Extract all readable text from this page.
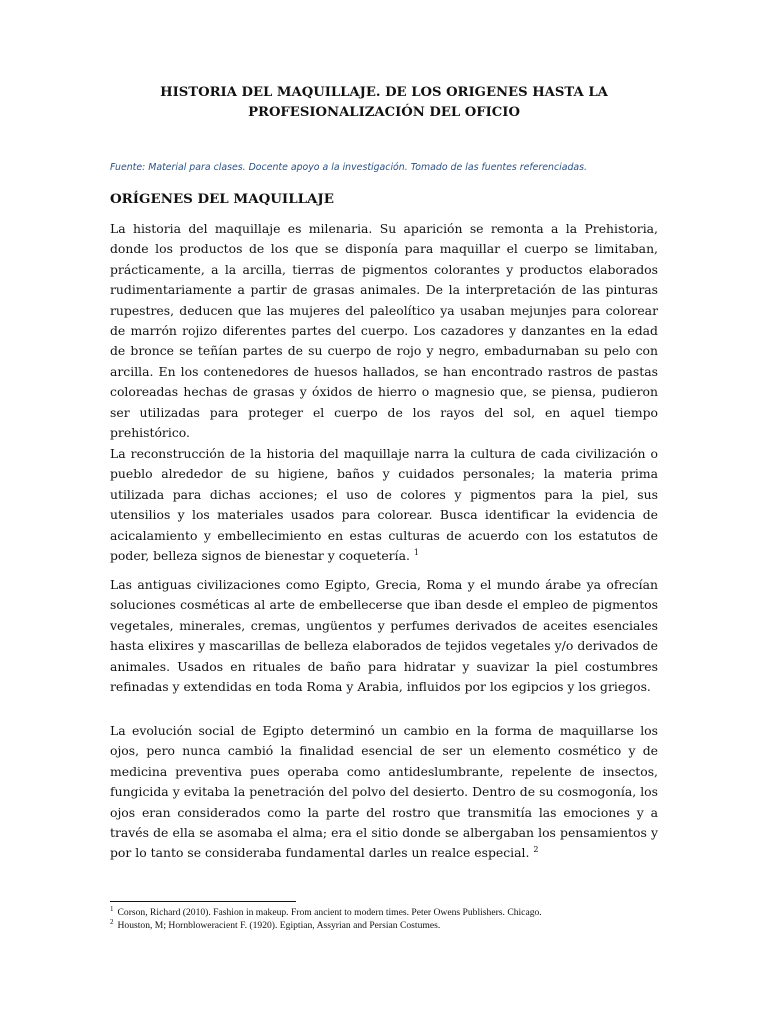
HISTORIA DEL MAQUILLAJE. DE LOS ORIGENES HASTA LA
PROFESIONALIZACIÓN DEL OFICIO

Fuente: Material para clases. Docente apoyo a la investigación. Tomado de las fuentes referenciadas.

ORÍGENES DEL MAQUILLAJE

La historia del maquillaje es milenaria. Su aparición se remonta a la Prehistoria, donde los productos de los que se disponía para maquillar el cuerpo se limitaban, prácticamente, a la arcilla, tierras de pigmentos colorantes y productos elaborados rudimentariamente a partir de grasas animales. De la interpretación de las pinturas rupestres, deducen que las mujeres del paleolítico ya usaban mejunjes para colorear de marrón rojizo diferentes partes del cuerpo. Los cazadores y danzantes en la edad de bronce se teñían partes de su cuerpo de rojo y negro, embadurnaban su pelo con arcilla. En los contenedores de huesos hallados, se han encontrado rastros de pastas coloreadas hechas de grasas y óxidos de hierro o magnesio que, se piensa, pudieron ser utilizadas para proteger el cuerpo de los rayos del sol, en aquel tiempo prehistórico.

La reconstrucción de la historia del maquillaje narra la cultura de cada civilización o pueblo alrededor de su higiene, baños y cuidados personales; la materia prima utilizada para dichas acciones; el uso de colores y pigmentos para la piel, sus utensilios y los materiales usados para colorear. Busca identificar la evidencia de acicalamiento y embellecimiento en estas culturas de acuerdo con los estatutos de poder, belleza signos de bienestar y coquetería. $^1$

Las antiguas civilizaciones como Egipto, Grecia, Roma y el mundo árabe ya ofrecían soluciones cosméticas al arte de embellecerse que iban desde el empleo de pigmentos vegetales, minerales, cremas, ungüentos y perfumes derivados de aceites esenciales hasta elixires y mascarillas de belleza elaborados de tejidos vegetales y/o derivados de animales. Usados en rituales de baño para hidratar y suavizar la piel costumbres refinadas y extendidas en toda Roma y Arabia, influidos por los egipcios y los griegos.

La evolución social de Egipto determinó un cambio en la forma de maquillarse los ojos, pero nunca cambió la finalidad esencial de ser un elemento cosmético y de medicina preventiva pues operaba como antideslumbrante, repelente de insectos, fungicida y evitaba la penetración del polvo del desierto. Dentro de su cosmogonía, los ojos eran considerados como la parte del rostro que transmitía las emociones y a través de ella se asomaba el alma; era el sitio donde se albergaban los pensamientos y por lo tanto se consideraba fundamental darles un realce especial. $^2$

$^1$ Corson, Richard (2010). Fashion in makeup. From ancient to modern times. Peter Owens Publishers. Chicago.

$^2$ Houston, M; Hornbloweracient F. (1920). Egiptian, Assyrian and Persian Costumes.
